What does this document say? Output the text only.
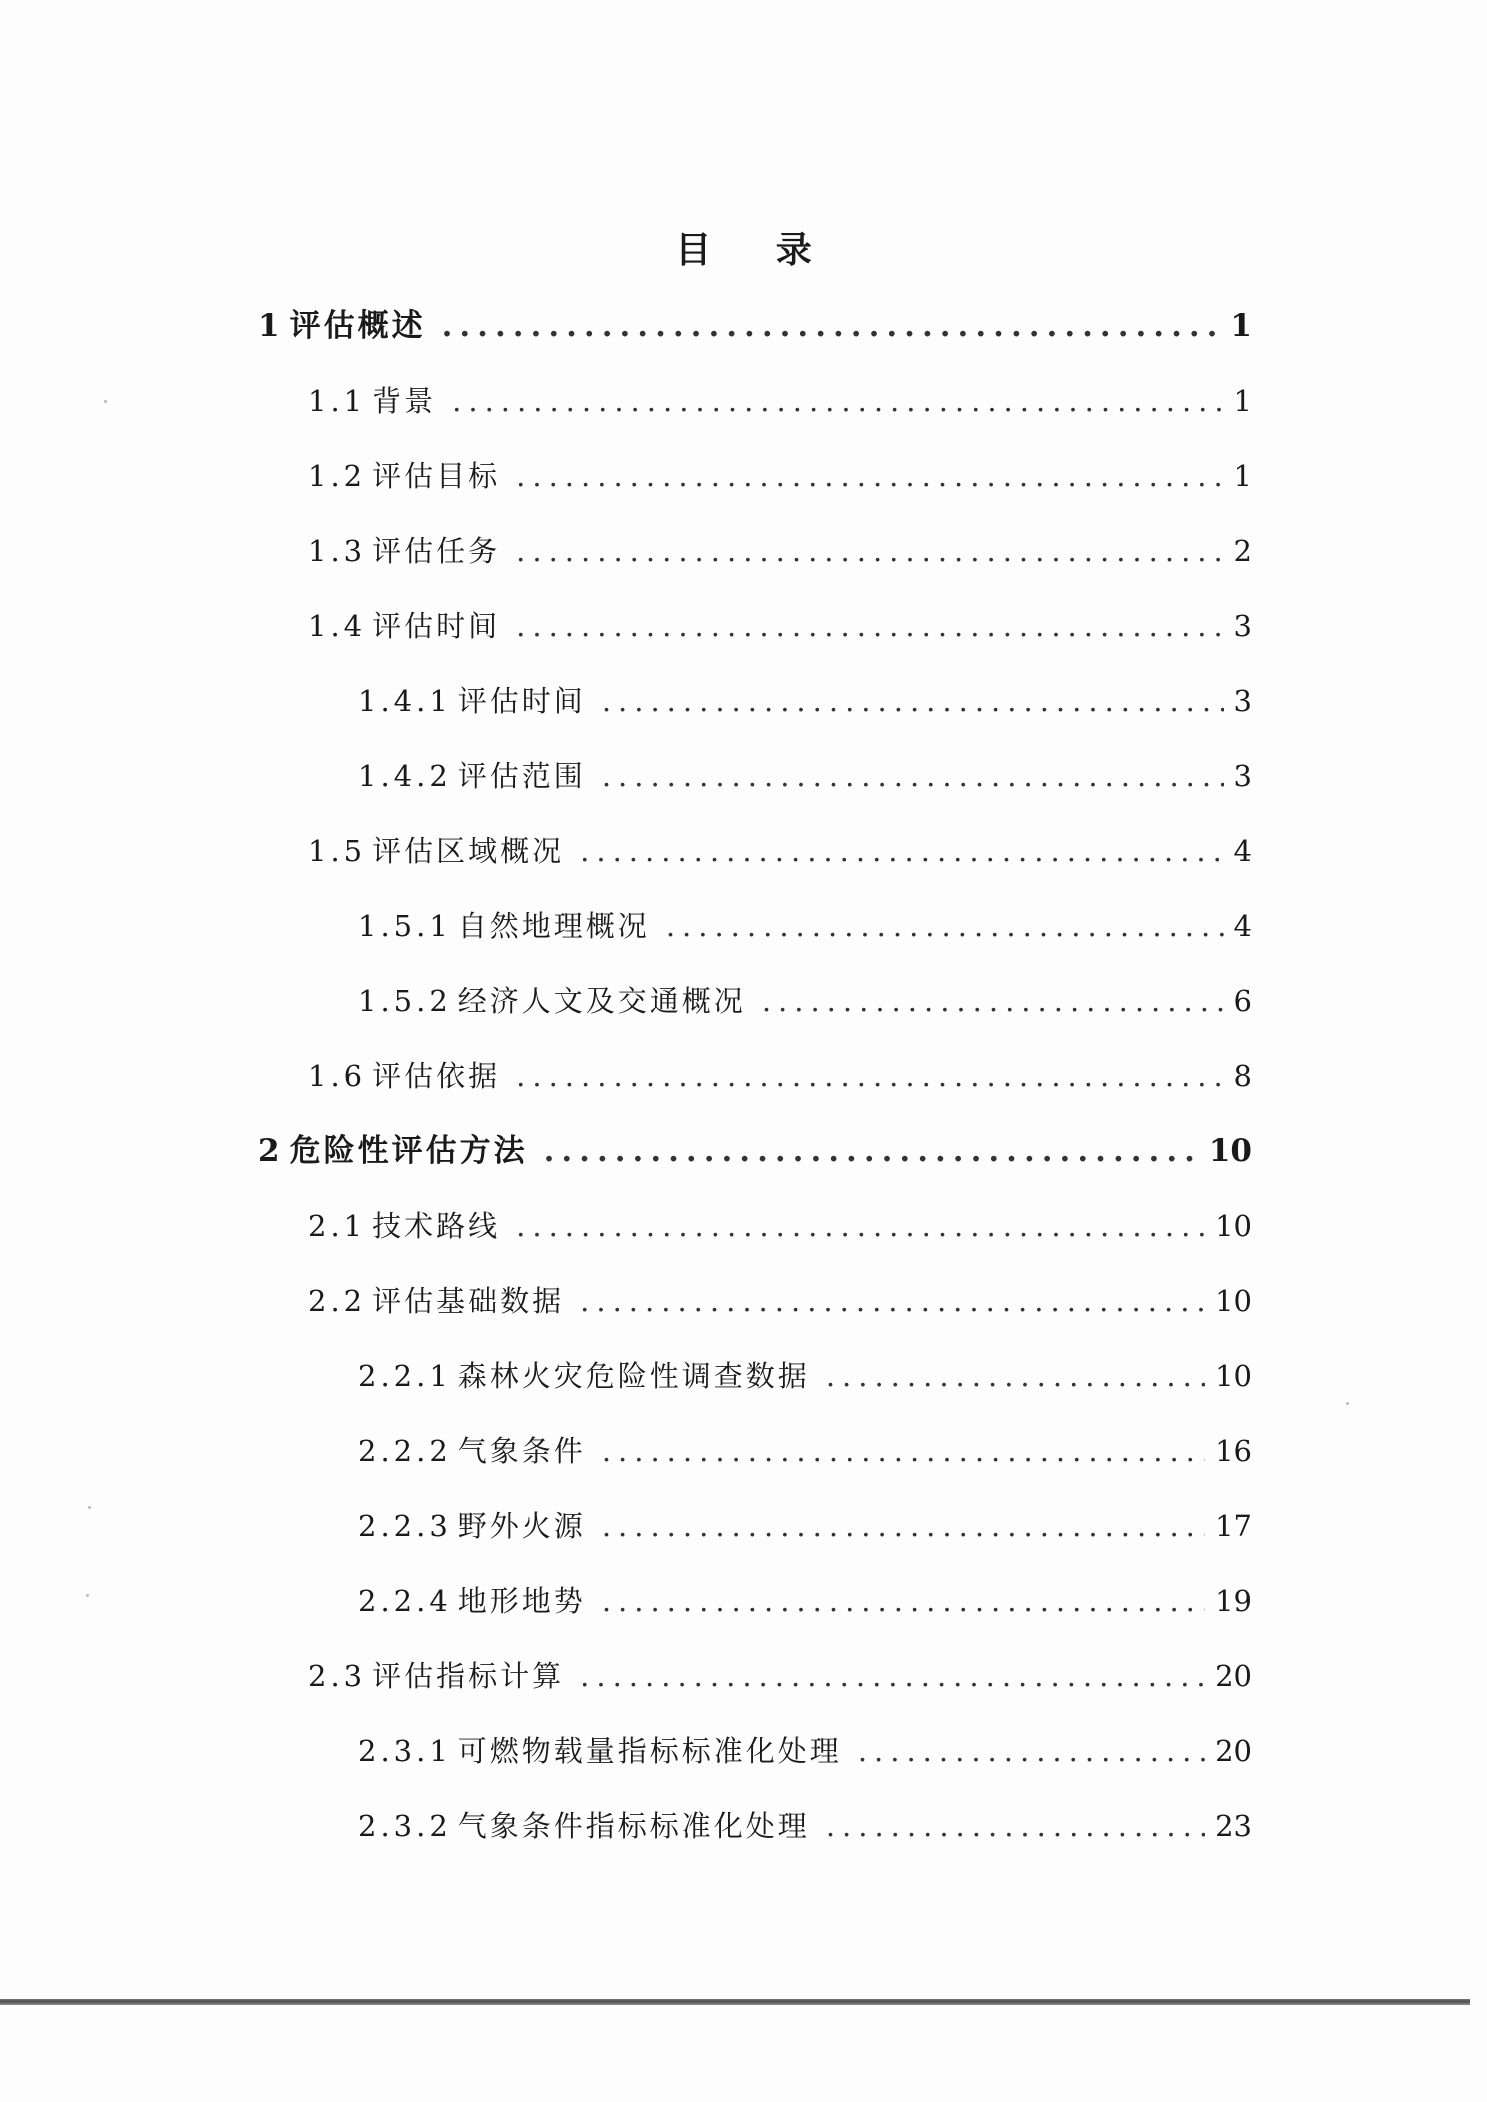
目 录
1 评估概述 .....	1
1.1 背景 .....	1
1.2 评估目标 .....	1
1.3 评估任务 .....	2
1.4 评估时间 .....	3
1.4.1 评估时间 .....	3
1.4.2 评估范围 .....	3
1.5 评估区域概况 .....	4
1.5.1 自然地理概况 .....	4
1.5.2 经济人文及交通概况 .....	6
1.6 评估依据 .....	8
2 危险性评估方法 .....	10
2.1 技术路线 .....	10
2.2 评估基础数据 .....	10
2.2.1 森林火灾危险性调查数据 .....	10
2.2.2 气象条件 .....	16
2.2.3 野外火源 .....	17
2.2.4 地形地势 .....	19
2.3 评估指标计算 .....	20
2.3.1 可燃物载量指标标准化处理 .....	20
2.3.2 气象条件指标标准化处理 .....	23
